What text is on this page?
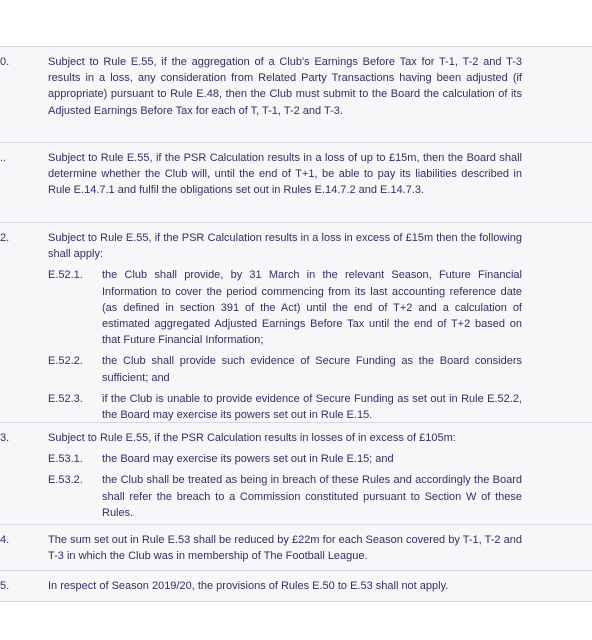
0.	Subject to Rule E.55, if the aggregation of a Club's Earnings Before Tax for T-1, T-2 and T-3 results in a loss, any consideration from Related Party Transactions having been adjusted (if appropriate) pursuant to Rule E.48, then the Club must submit to the Board the calculation of its Adjusted Earnings Before Tax for each of T, T-1, T-2 and T-3.

..	Subject to Rule E.55, if the PSR Calculation results in a loss of up to £15m, then the Board shall determine whether the Club will, until the end of T+1, be able to pay its liabilities described in Rule E.14.7.1 and fulfil the obligations set out in Rules E.14.7.2 and E.14.7.3.

2.	Subject to Rule E.55, if the PSR Calculation results in a loss in excess of £15m then the following shall apply:

E.52.1.	the Club shall provide, by 31 March in the relevant Season, Future Financial Information to cover the period commencing from its last accounting reference date (as defined in section 391 of the Act) until the end of T+2 and a calculation of estimated aggregated Adjusted Earnings Before Tax until the end of T+2 based on that Future Financial Information;
E.52.2.	the Club shall provide such evidence of Secure Funding as the Board considers sufficient; and
E.52.3.	if the Club is unable to provide evidence of Secure Funding as set out in Rule E.52.2, the Board may exercise its powers set out in Rule E.15.
3.	Subject to Rule E.55, if the PSR Calculation results in losses of in excess of £105m:

E.53.1.	the Board may exercise its powers set out in Rule E.15; and
E.53.2.	the Club shall be treated as being in breach of these Rules and accordingly the Board shall refer the breach to a Commission constituted pursuant to Section W of these Rules.
4.	The sum set out in Rule E.53 shall be reduced by £22m for each Season covered by T-1, T-2 and T-3 in which the Club was in membership of The Football League.

5.	In respect of Season 2019/20, the provisions of Rules E.50 to E.53 shall not apply.
